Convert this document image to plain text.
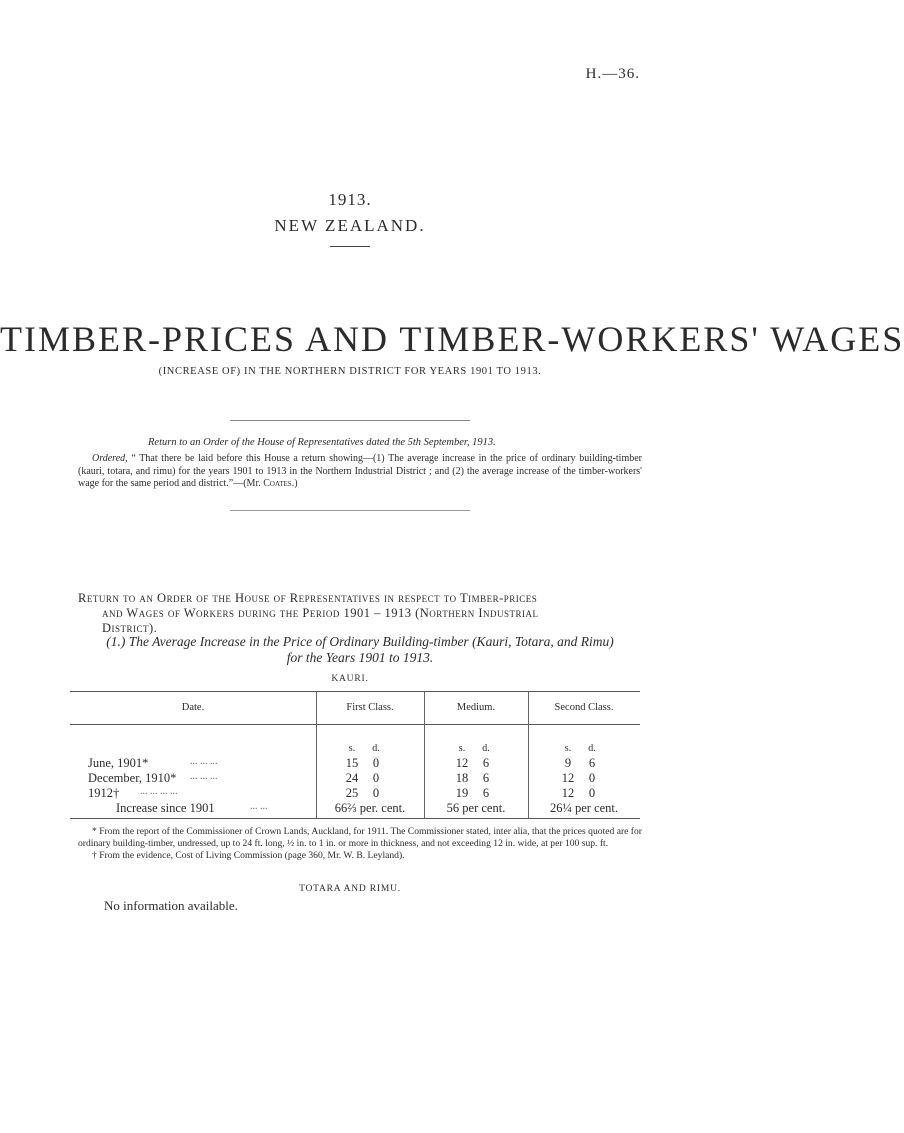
H.—36.
1913.
NEW ZEALAND.
TIMBER-PRICES AND TIMBER-WORKERS' WAGES
(INCREASE OF) IN THE NORTHERN DISTRICT FOR YEARS 1901 TO 1913.
Return to an Order of the House of Representatives dated the 5th September, 1913.
Ordered, “ That there be laid before this House a return showing—(1) The average increase in the price of ordinary building-timber (kauri, totara, and rimu) for the years 1901 to 1913 in the Northern Industrial District ; and (2) the average increase of the timber-workers' wage for the same period and district.”—(Mr. Coates.)
Return to an Order of the House of Representatives in respect to Timber-prices
and Wages of Workers during the Period 1901 – 1913 (Northern Industrial
District).
(1.) The Average Increase in the Price of Ordinary Building-timber (Kauri, Totara, and Rimu)
for the Years 1901 to 1913.
KAURI.
Date.	First Class.	Medium.	Second Class.
s.	d.	s.	d.	s.	d.
June, 1901*	... ... ...	15	0	12	6	9	6
December, 1910* ... ... ...	24	0	18	6	12	0
1912† ... ... ... ...	25	0	19	6	12	0
Increase since 1901	... ...	66⅔ per. cent.	56 per cent.	26¼ per cent.
* From the report of the Commissioner of Crown Lands, Auckland, for 1911. The Commissioner stated, inter alia, that the prices quoted are for ordinary building-timber, undressed, up to 24 ft. long, ½ in. to 1 in. or more in thickness, and not exceeding 12 in. wide, at per 100 sup. ft.
† From the evidence, Cost of Living Commission (page 360, Mr. W. B. Leyland).
TOTARA AND RIMU.
No information available.
